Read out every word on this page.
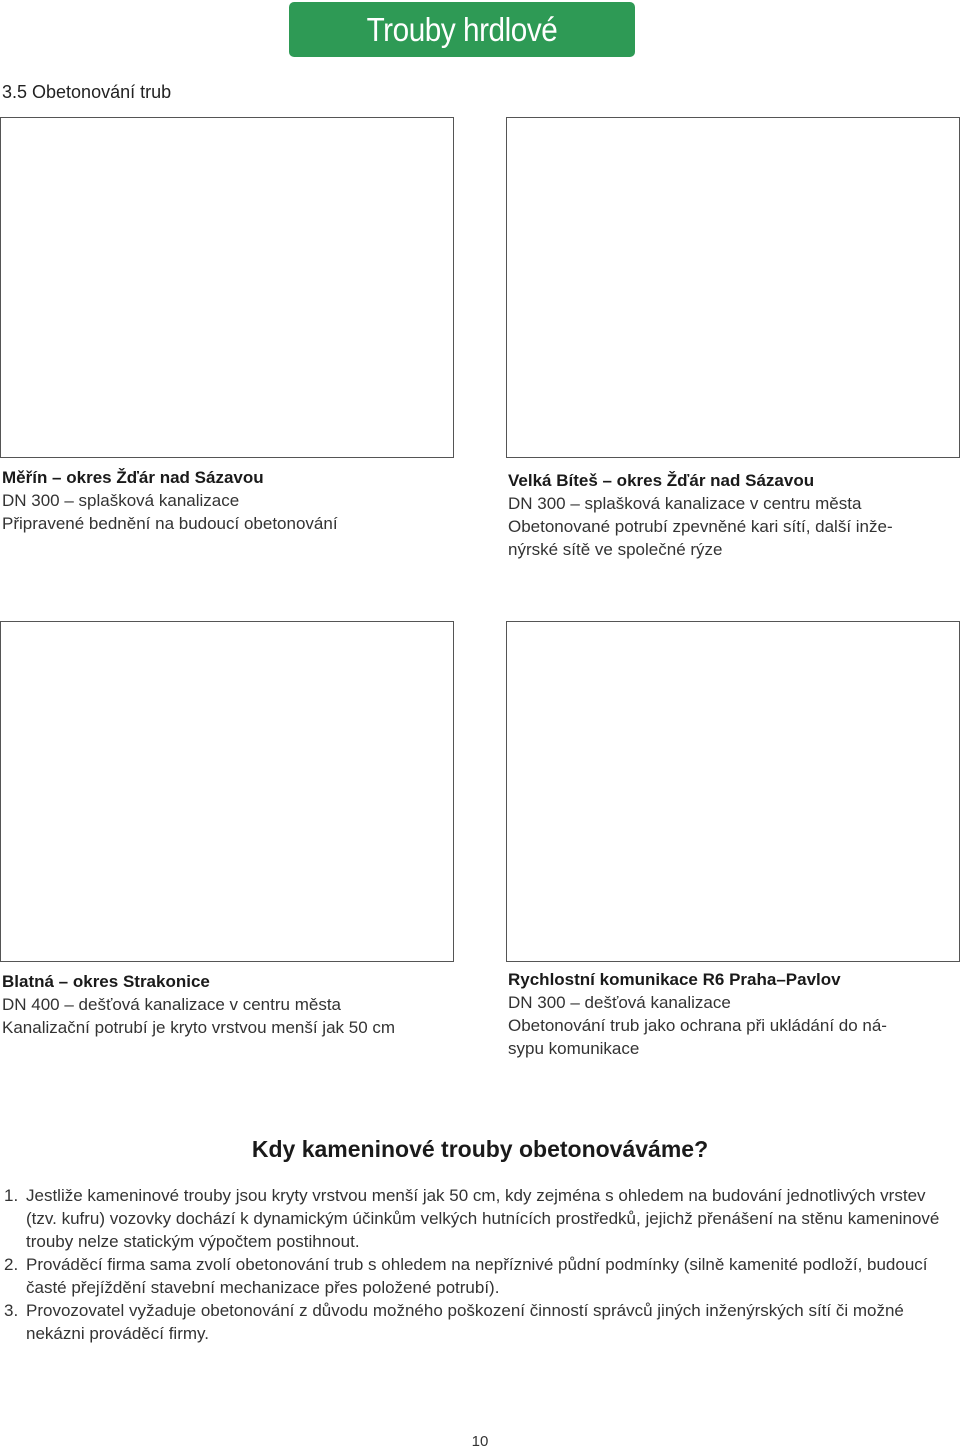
Trouby hrdlové
3.5 Obetonování trub
Měřín – okres Žďár nad Sázavou
DN 300 – splašková kanalizace
Připravené bednění na budoucí obetonování
Velká Bíteš – okres Žďár nad Sázavou
DN 300 – splašková kanalizace v centru města
Obetonované potrubí zpevněné kari sítí, další inže-
nýrské sítě ve společné rýze
Blatná – okres Strakonice
DN 400 – dešťová kanalizace v centru města
Kanalizační potrubí je kryto vrstvou menší jak 50 cm
Rychlostní komunikace R6 Praha–Pavlov
DN 300 – dešťová kanalizace
Obetonování trub jako ochrana při ukládání do ná-
sypu komunikace
Kdy kameninové trouby obetonováváme?
1. Jestliže kameninové trouby jsou kryty vrstvou menší jak 50 cm, kdy zejména s ohledem na budování jednotlivých vrstev (tzv. kufru) vozovky dochází k dynamickým účinkům velkých hutnících prostředků, jejichž přenášení na stěnu kameninové trouby nelze statickým výpočtem postihnout.
2. Prováděcí firma sama zvolí obetonování trub s ohledem na nepříznivé půdní podmínky (silně kamenité podloží, budoucí časté přejíždění stavební mechanizace přes položené potrubí).
3. Provozovatel vyžaduje obetonování z důvodu možného poškození činností správců jiných inženýrských sítí či možné nekázni prováděcí firmy.
10
